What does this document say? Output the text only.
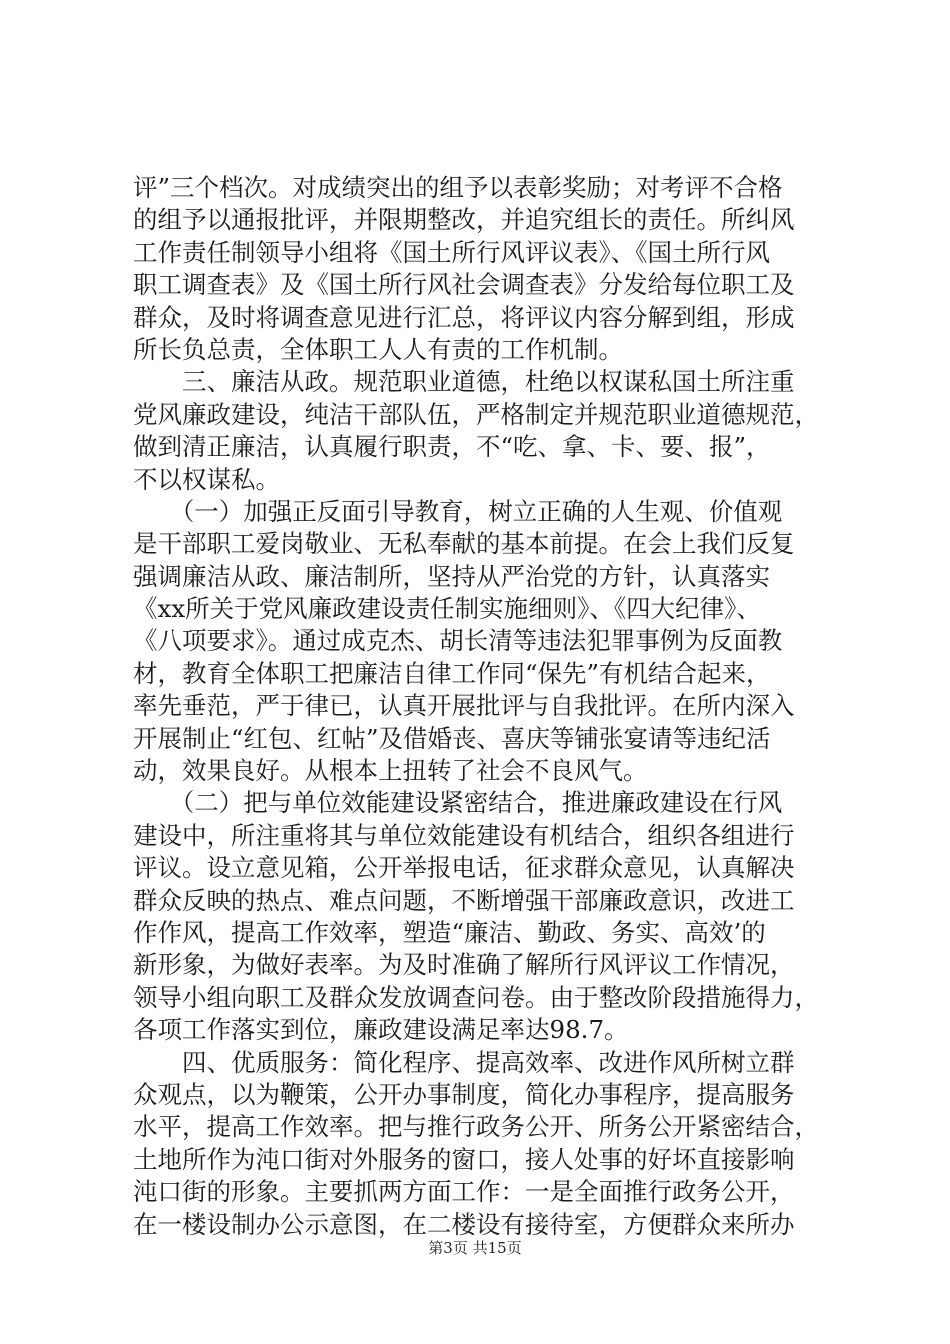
评”三个档次。对成绩突出的组予以表彰奖励；对考评不合格
的组予以通报批评，并限期整改，并追究组长的责任。所纠风
工作责任制领导小组将《国土所行风评议表》、《国土所行风
职工调查表》及《国土所行风社会调查表》分发给每位职工及
群众，及时将调查意见进行汇总，将评议内容分解到组，形成
所长负总责，全体职工人人有责的工作机制。
　　三、廉洁从政。规范职业道德，杜绝以权谋私国土所注重
党风廉政建设，纯洁干部队伍，严格制定并规范职业道德规范，
做到清正廉洁，认真履行职责，不“吃、拿、卡、要、报”，
不以权谋私。
　　（一）加强正反面引导教育，树立正确的人生观、价值观
是干部职工爱岗敬业、无私奉献的基本前提。在会上我们反复
强调廉洁从政、廉洁制所，坚持从严治党的方针，认真落实
《xx所关于党风廉政建设责任制实施细则》、《四大纪律》、
《八项要求》。通过成克杰、胡长清等违法犯罪事例为反面教
材，教育全体职工把廉洁自律工作同“保先”有机结合起来，
率先垂范，严于律已，认真开展批评与自我批评。在所内深入
开展制止“红包、红帖”及借婚丧、喜庆等铺张宴请等违纪活
动，效果良好。从根本上扭转了社会不良风气。
　　（二）把与单位效能建设紧密结合，推进廉政建设在行风
建设中，所注重将其与单位效能建设有机结合，组织各组进行
评议。设立意见箱，公开举报电话，征求群众意见，认真解决
群众反映的热点、难点问题，不断增强干部廉政意识，改进工
作作风，提高工作效率，塑造“廉洁、勤政、务实、高效’的
新形象，为做好表率。为及时准确了解所行风评议工作情况，
领导小组向职工及群众发放调查问卷。由于整改阶段措施得力，
各项工作落实到位，廉政建设满足率达98.7。
　　四、优质服务：简化程序、提高效率、改进作风所树立群
众观点，以为鞭策，公开办事制度，简化办事程序，提高服务
水平，提高工作效率。把与推行政务公开、所务公开紧密结合，
土地所作为沌口街对外服务的窗口，接人处事的好坏直接影响
沌口街的形象。主要抓两方面工作：一是全面推行政务公开，
在一楼设制办公示意图，在二楼设有接待室，方便群众来所办
第3页 共15页
